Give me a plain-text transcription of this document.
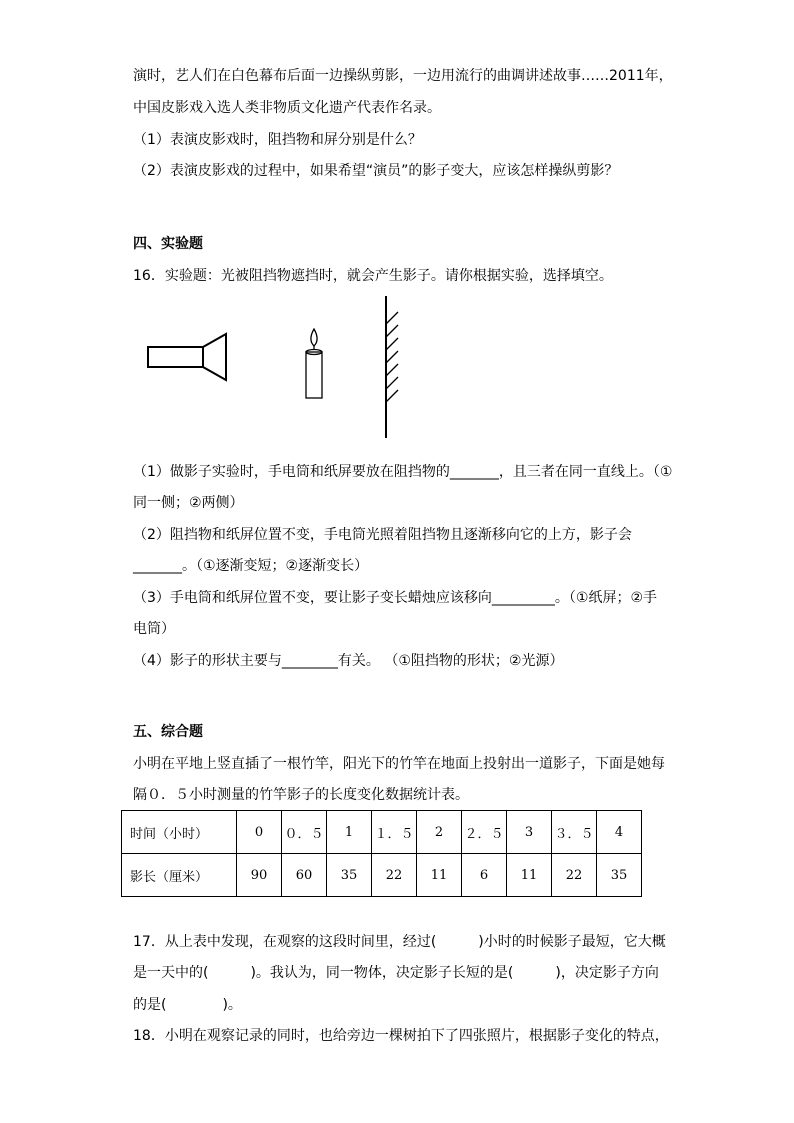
演时，艺人们在白色幕布后面一边操纵剪影，一边用流行的曲调讲述故事……2011年，
中国皮影戏入选人类非物质文化遗产代表作名录。
（1）表演皮影戏时，阻挡物和屏分别是什么？
（2）表演皮影戏的过程中，如果希望“演员”的影子变大，应该怎样操纵剪影？
四、实验题
16．实验题：光被阻挡物遮挡时，就会产生影子。请你根据实验，选择填空。
（1）做影子实验时，手电筒和纸屏要放在阻挡物的_______，且三者在同一直线上。（①
同一侧；②两侧）
（2）阻挡物和纸屏位置不变，手电筒光照着阻挡物且逐渐移向它的上方，影子会
_______。（①逐渐变短；②逐渐变长）
（3）手电筒和纸屏位置不变，要让影子变长蜡烛应该移向_________。（①纸屏；②手
电筒）
（4）影子的形状主要与________有关。 （①阻挡物的形状；②光源）
五、综合题
小明在平地上竖直插了一根竹竿，阳光下的竹竿在地面上投射出一道影子，下面是她每
隔０．５小时测量的竹竿影子的长度变化数据统计表。
时间（小时）	0	０．５	1	１．５	2	２．５	3	３．５	4
影长（厘米）	90	60	35	22	11	6	11	22	35
17．从上表中发现，在观察的这段时间里，经过(　　　)小时的时候影子最短，它大概
是一天中的(　　　)。我认为，同一物体，决定影子长短的是(　　　)，决定影子方向
的是(　　　　)。
18．小明在观察记录的同时，也给旁边一棵树拍下了四张照片，根据影子变化的特点，
